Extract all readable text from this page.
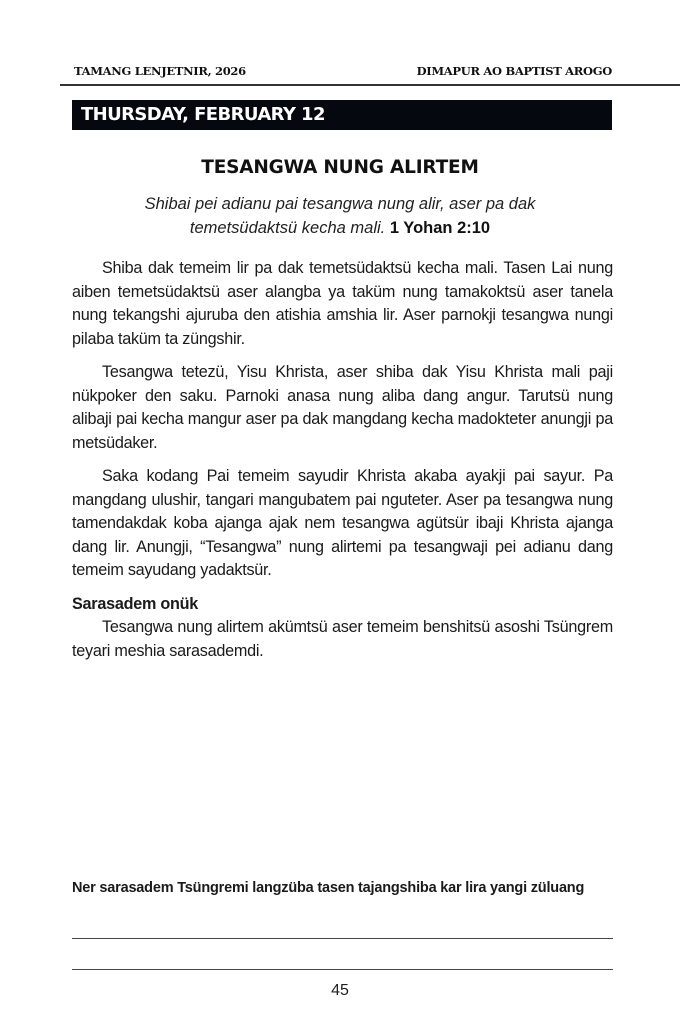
TAMANG LENJETNIR, 2026	DIMAPUR AO BAPTIST AROGO
THURSDAY, FEBRUARY 12
TESANGWA NUNG ALIRTEM
Shibai pei adianu pai tesangwa nung alir, aser pa dak temetsüdaktsü kecha mali. 1 Yohan 2:10

Shiba dak temeim lir pa dak temetsüdaktsü kecha mali. Tasen Lai nung aiben temetsüdaktsü aser alangba ya taküm nung tamakoktsü aser tanela nung tekangshi ajuruba den atishia amshia lir. Aser parnokji tesangwa nungi pilaba taküm ta züngshir.

Tesangwa tetezü, Yisu Khrista, aser shiba dak Yisu Khrista mali paji nükpoker den saku. Parnoki anasa nung aliba dang angur. Tarutsü nung alibaji pai kecha mangur aser pa dak mangdang kecha madokteter anungji pa metsüdaker.

Saka kodang Pai temeim sayudir Khrista akaba ayakji pai sayur. Pa mangdang ulushir, tangari mangubatem pai nguteter. Aser pa tesangwa nung tamendakdak koba ajanga ajak nem tesangwa agütsür ibaji Khrista ajanga dang lir. Anungji, “Tesangwa” nung alirtemi pa tesangwaji pei adianu dang temeim sayudang yadaktsür.

Sarasadem onük

Tesangwa nung alirtem akümtsü aser temeim benshitsü asoshi Tsüngrem teyari meshia sarasademdi.

Ner sarasadem Tsüngremi langzüba tasen tajangshiba kar lira yangi züluang
45
